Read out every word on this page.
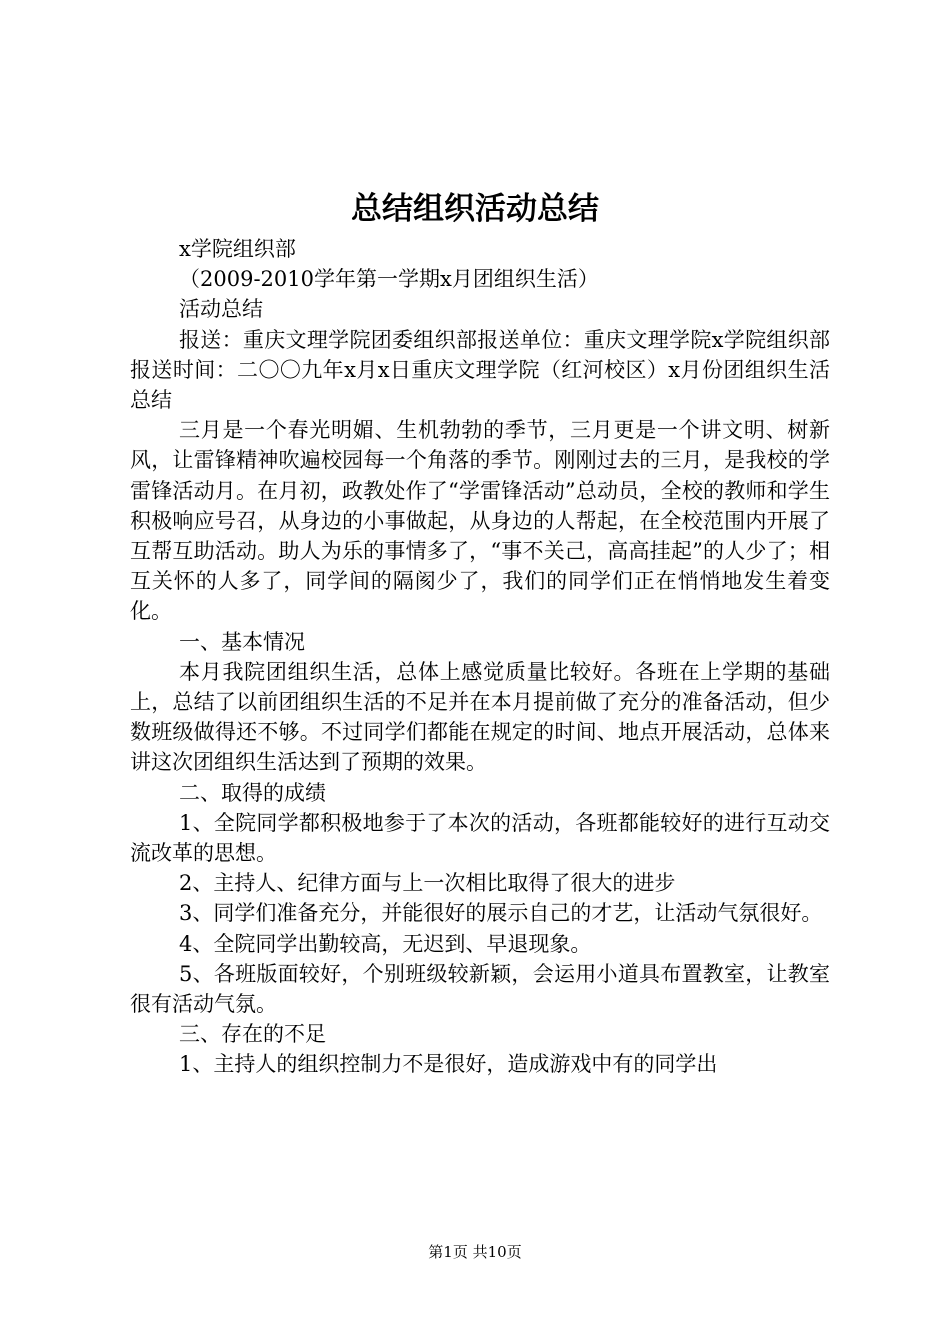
总结组织活动总结

x学院组织部

（2009-2010学年第一学期x月团组织生活）

活动总结

报送：重庆文理学院团委组织部报送单位：重庆文理学院x学院组织部报送时间：二〇〇九年x月x日重庆文理学院（红河校区）x月份团组织生活总结

三月是一个春光明媚、生机勃勃的季节，三月更是一个讲文明、树新风，让雷锋精神吹遍校园每一个角落的季节。刚刚过去的三月，是我校的学雷锋活动月。在月初，政教处作了“学雷锋活动”总动员，全校的教师和学生积极响应号召，从身边的小事做起，从身边的人帮起，在全校范围内开展了互帮互助活动。助人为乐的事情多了，“事不关己，高高挂起”的人少了；相互关怀的人多了，同学间的隔阂少了，我们的同学们正在悄悄地发生着变化。

一、基本情况

本月我院团组织生活，总体上感觉质量比较好。各班在上学期的基础上，总结了以前团组织生活的不足并在本月提前做了充分的准备活动，但少数班级做得还不够。不过同学们都能在规定的时间、地点开展活动，总体来讲这次团组织生活达到了预期的效果。

二、取得的成绩

1、全院同学都积极地参于了本次的活动，各班都能较好的进行互动交流改革的思想。

2、主持人、纪律方面与上一次相比取得了很大的进步

3、同学们准备充分，并能很好的展示自己的才艺，让活动气氛很好。

4、全院同学出勤较高，无迟到、早退现象。

5、各班版面较好，个别班级较新颖，会运用小道具布置教室，让教室很有活动气氛。

三、存在的不足

1、主持人的组织控制力不是很好，造成游戏中有的同学出

第1页 共10页
